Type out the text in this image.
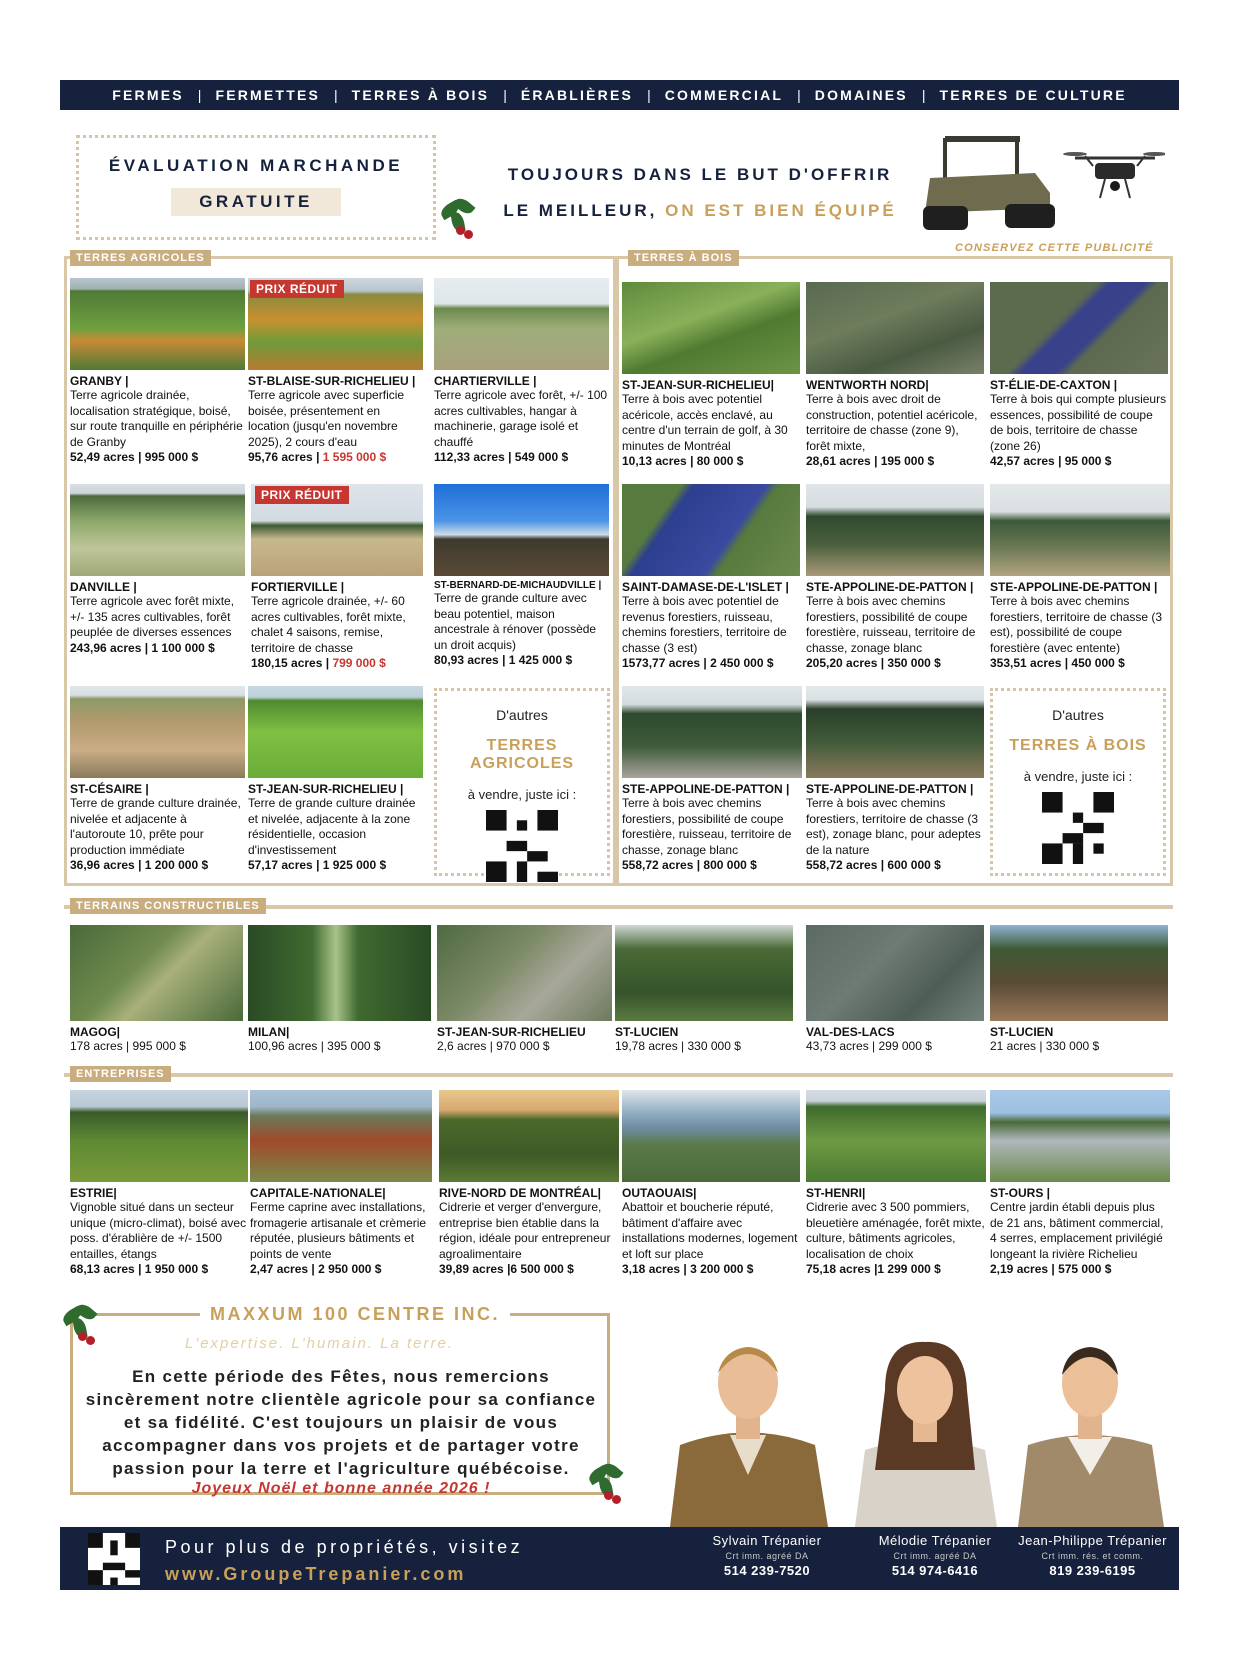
FERMES	|	FERMETTES	|	TERRES À BOIS	|	ÉRABLIÈRES	|	COMMERCIAL	|	DOMAINES	|	TERRES DE CULTURE
ÉVALUATION MARCHANDE
GRATUITE
TOUJOURS DANS LE BUT D'OFFRIR
LE MEILLEUR, ON EST BIEN ÉQUIPÉ
CONSERVEZ CETTE PUBLICITÉ
TERRES AGRICOLES	TERRES À BOIS
TERRAINS CONSTRUCTIBLES
ENTREPRISES
GRANBY |
Terre agricole drainée, localisation stratégique, boisé, sur route tranquille en périphérie de Granby
52,49 acres | 995 000 $
PRIX RÉDUIT
ST-BLAISE-SUR-RICHELIEU |
Terre agricole avec superficie boisée, présentement en location (jusqu'en novembre 2025), 2 cours d'eau
95,76 acres | 1 595 000 $
CHARTIERVILLE |
Terre agricole avec forêt, +/- 100 acres cultivables, hangar à machinerie, garage isolé et chauffé
112,33 acres | 549 000 $
DANVILLE |
Terre agricole avec forêt mixte, +/- 135 acres cultivables, forêt peuplée de diverses essences
243,96 acres | 1 100 000 $
PRIX RÉDUIT
FORTIERVILLE |
Terre agricole drainée, +/- 60 acres cultivables, forêt mixte, chalet 4 saisons, remise, territoire de chasse
180,15 acres | 799 000 $
ST-BERNARD-DE-MICHAUDVILLE |
Terre de grande culture avec beau potentiel, maison ancestrale à rénover (possède un droit acquis)
80,93 acres | 1 425 000 $
ST-CÉSAIRE |
Terre de grande culture drainée, nivelée et adjacente à l'autoroute 10, prête pour production immédiate
36,96 acres | 1 200 000 $
ST-JEAN-SUR-RICHELIEU |
Terre de grande culture drainée et nivelée, adjacente à la zone résidentielle, occasion d'investissement
57,17 acres | 1 925 000 $
D'autres
TERRES AGRICOLES
à vendre, juste ici :
ST-JEAN-SUR-RICHELIEU|
Terre à bois avec potentiel acéricole, accès enclavé, au centre d'un terrain de golf, à 30 minutes de Montréal
10,13 acres | 80 000 $
WENTWORTH NORD|
Terre à bois avec droit de construction, potentiel acéricole, territoire de chasse (zone 9), forêt mixte,
28,61 acres | 195 000 $
ST-ÉLIE-DE-CAXTON |
Terre à bois qui compte plusieurs essences, possibilité de coupe de bois, territoire de chasse (zone 26)
42,57 acres | 95 000 $
SAINT-DAMASE-DE-L'ISLET |
Terre à bois avec potentiel de revenus forestiers, ruisseau, chemins forestiers, territoire de chasse (3 est)
1573,77 acres | 2 450 000 $
STE-APPOLINE-DE-PATTON |
Terre à bois avec chemins forestiers, possibilité de coupe forestière, ruisseau, territoire de chasse, zonage blanc
205,20 acres | 350 000 $
STE-APPOLINE-DE-PATTON |
Terre à bois avec chemins forestiers, territoire de chasse (3 est), possibilité de coupe forestière (avec entente)
353,51 acres | 450 000 $
STE-APPOLINE-DE-PATTON |
Terre à bois avec chemins forestiers, possibilité de coupe forestière, ruisseau, territoire de chasse, zonage blanc
558,72 acres | 800 000 $
STE-APPOLINE-DE-PATTON |
Terre à bois avec chemins forestiers, territoire de chasse (3 est), zonage blanc, pour adeptes de la nature
558,72 acres | 600 000 $
D'autres
TERRES À BOIS
à vendre, juste ici :
MAGOG|
178 acres | 995 000 $
MILAN|
100,96 acres | 395 000 $
ST-JEAN-SUR-RICHELIEU
2,6 acres | 970 000 $
ST-LUCIEN
19,78 acres | 330 000 $
VAL-DES-LACS
43,73 acres | 299 000 $
ST-LUCIEN
21 acres | 330 000 $
ESTRIE|
Vignoble situé dans un secteur unique (micro-climat), boisé avec poss. d'érablière de +/- 1500 entailles, étangs
68,13 acres | 1 950 000 $
CAPITALE-NATIONALE|
Ferme caprine avec installations, fromagerie artisanale et crèmerie réputée, plusieurs bâtiments et points de vente
2,47 acres | 2 950 000 $
RIVE-NORD DE MONTRÉAL|
Cidrerie et verger d'envergure, entreprise bien établie dans la région, idéale pour entrepreneur agroalimentaire
39,89 acres |6 500 000 $
OUTAOUAIS|
Abattoir et boucherie réputé, bâtiment d'affaire avec installations modernes, logement et loft sur place
3,18 acres | 3 200 000 $
ST-HENRI|
Cidrerie avec 3 500 pommiers, bleuetière aménagée, forêt mixte, culture, bâtiments agricoles, localisation de choix
75,18 acres |1 299 000 $
ST-OURS |
Centre jardin établi depuis plus de 21 ans, bâtiment commercial, 4 serres, emplacement privilégié longeant la rivière Richelieu
2,19 acres | 575 000 $
MAXXUM 100 CENTRE INC.
L'expertise. L'humain. La terre.
En cette période des Fêtes, nous remercions sincèrement notre clientèle agricole pour sa confiance et sa fidélité. C'est toujours un plaisir de vous accompagner dans vos projets et de partager votre passion pour la terre et l'agriculture québécoise.
Joyeux Noël et bonne année 2026 !
Pour plus de propriétés, visitez
www.GroupeTrepanier.com
Sylvain Trépanier
Crt imm. agréé DA
514 239-7520
Mélodie Trépanier
Crt imm. agréé DA
514 974-6416
Jean-Philippe Trépanier
Crt imm. rés. et comm.
819 239-6195
